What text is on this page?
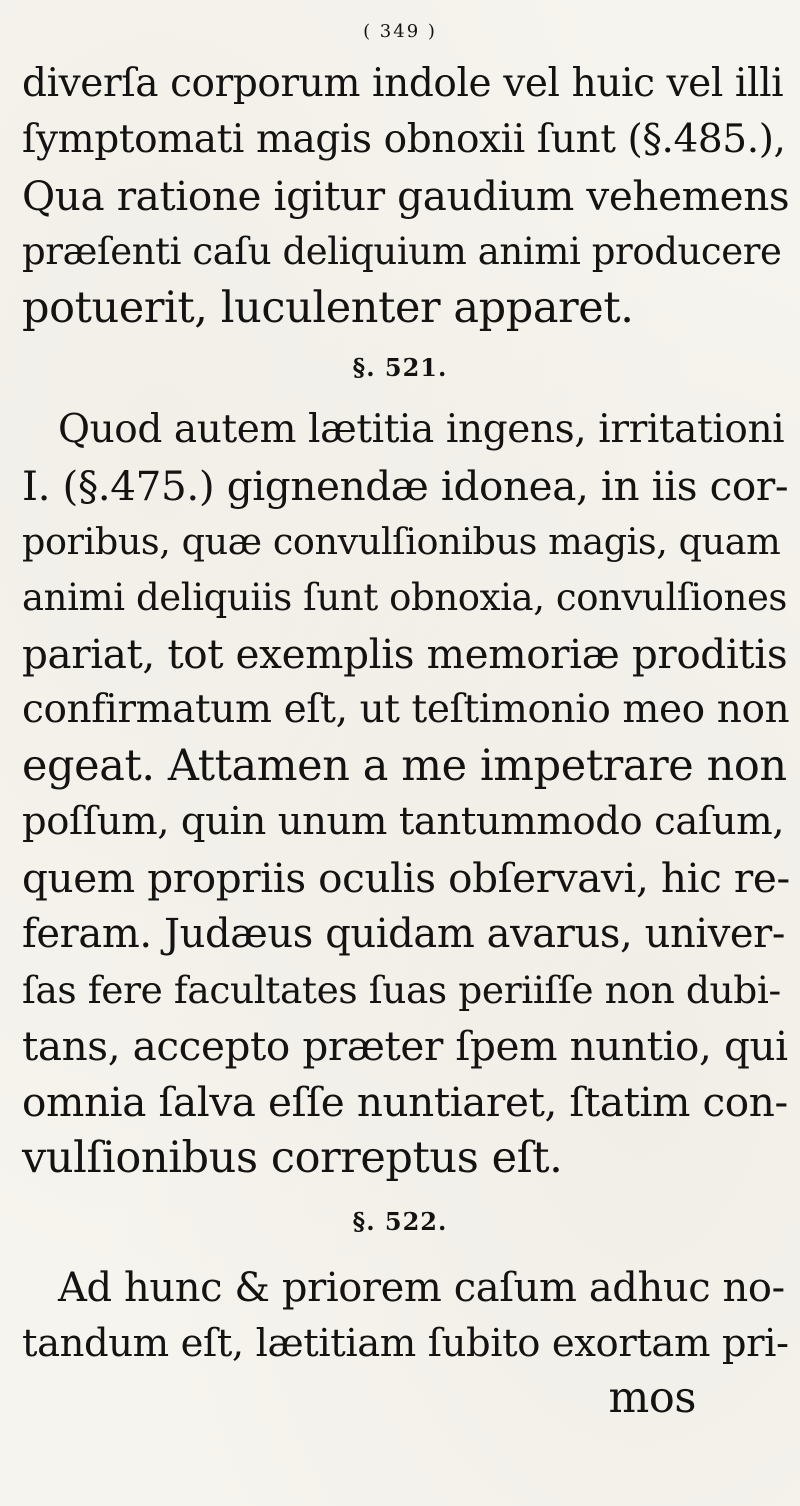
( 349 )
diverſa corporum indole vel huic vel illi
ſymptomati magis obnoxii ſunt (§.485.),
Qua ratione igitur gaudium vehemens
præſenti caſu deliquium animi producere
potuerit, luculenter apparet.
§. 521.
Quod autem lætitia ingens, irritationi
I. (§.475.) gignendæ idonea, in iis cor-
poribus, quæ convulſionibus magis, quam
animi deliquiis ſunt obnoxia, convulſiones
pariat, tot exemplis memoriæ proditis
confirmatum eſt, ut teſtimonio meo non
egeat. Attamen a me impetrare non
poſſum, quin unum tantummodo caſum,
quem propriis oculis obſervavi, hic re-
feram. Judæus quidam avarus, univer-
ſas fere facultates ſuas periiſſe non dubi-
tans, accepto præter ſpem nuntio, qui
omnia ſalva eſſe nuntiaret, ſtatim con-
vulſionibus correptus eſt.
§. 522.
Ad hunc & priorem caſum adhuc no-
tandum eſt, lætitiam ſubito exortam pri-
mos
